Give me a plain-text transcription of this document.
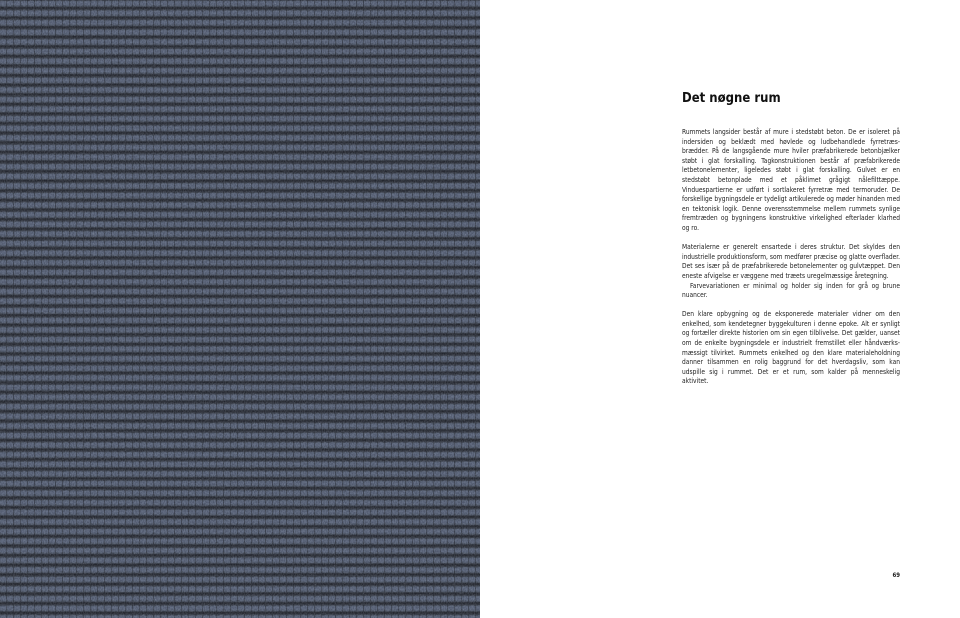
Det nøgne rum

Rummets langsider består af mure i stedstøbt beton. De er isoleret på indersiden og beklædt med høvlede og ludbehandlede fyrretræsbrædder. På de langsgående mure hviler præfabrikerede betonbjælker støbt i glat forskalling. Tagkonstruktionen består af præfabrikerede letbetonelementer, ligeledes støbt i glat forskalling. Gulvet er en stedstøbt betonplade med et påklimet grågigt nålefilttæppe. Vinduespartierne er udført i sortlakeret fyrretræ med termoruder. De forskellige bygningsdele er tydeligt artikulerede og møder hinanden med en tektonisk logik. Denne overensstemmelse mellem rummets synlige fremtræden og bygningens konstruktive virkelighed efterlader klarhed og ro.

Materialerne er generelt ensartede i deres struktur. Det skyldes den industrielle produktionsform, som medfører præcise og glatte overflader. Det ses især på de præfabrikerede betonelementer og gulvtæppet. Den eneste afvigelse er væggene med træets uregelmæssige åretegning.

Farvevariationen er minimal og holder sig inden for grå og brune nuancer.

Den klare opbygning og de eksponerede materialer vidner om den enkelhed, som kendetegner byggekulturen i denne epoke. Alt er synligt og fortæller direkte historien om sin egen tilblivelse. Det gælder, uanset om de enkelte bygningsdele er industrielt fremstillet eller håndværksmæssigt tilvirket. Rummets enkelhed og den klare materialeholdning danner tilsammen en rolig baggrund for det hverdagsliv, som kan udspille sig i rummet. Det er et rum, som kalder på menneskelig aktivitet.

69
